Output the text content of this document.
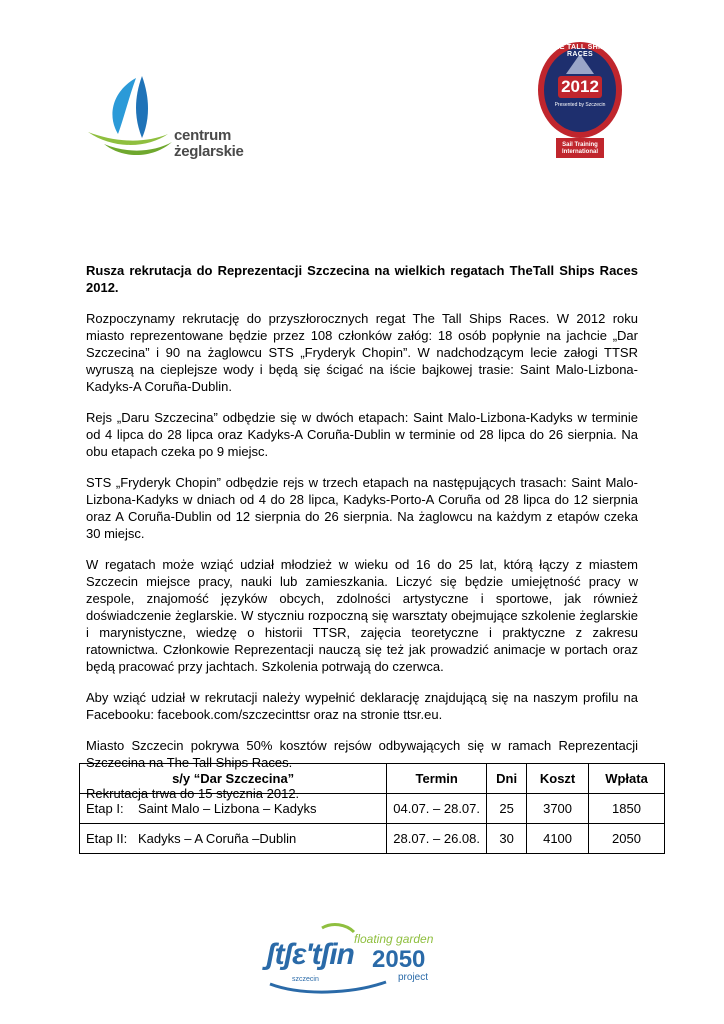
centrum
żeglarskie
THE TALL SHIPS RACES
2012
Presented by Szczecin
Sail Training
International
Rusza rekrutacja do Reprezentacji Szczecina na wielkich regatach TheTall Ships Races 2012.

Rozpoczynamy rekrutację do przyszłorocznych regat The Tall Ships Races. W 2012 roku miasto reprezentowane będzie przez 108 członków załóg: 18 osób popłynie na jachcie „Dar Szczecina” i 90 na żaglowcu STS „Fryderyk Chopin”. W nadchodzącym lecie załogi TTSR wyruszą na cieplejsze wody i będą się ścigać na iście bajkowej trasie: Saint Malo-Lizbona-Kadyks-A Coruña-Dublin.

Rejs „Daru Szczecina” odbędzie się w dwóch etapach: Saint Malo-Lizbona-Kadyks w terminie od 4 lipca do 28 lipca oraz Kadyks-A Coruña-Dublin w terminie od 28 lipca do 26 sierpnia. Na obu etapach czeka po 9 miejsc.

STS „Fryderyk Chopin” odbędzie rejs w trzech etapach na następujących trasach: Saint Malo-Lizbona-Kadyks w dniach od 4 do 28 lipca, Kadyks-Porto-A Coruña od 28 lipca do 12 sierpnia oraz A Coruña-Dublin od 12 sierpnia do 26 sierpnia. Na żaglowcu na każdym z etapów czeka 30 miejsc.

W regatach może wziąć udział młodzież w wieku od 16 do 25 lat, którą łączy z miastem Szczecin miejsce pracy, nauki lub zamieszkania. Liczyć się będzie umiejętność pracy w zespole, znajomość języków obcych, zdolności artystyczne i sportowe, jak również doświadczenie żeglarskie. W styczniu rozpoczną się warsztaty obejmujące szkolenie żeglarskie i marynistyczne, wiedzę o historii TTSR, zajęcia teoretyczne i praktyczne z zakresu ratownictwa. Członkowie Reprezentacji nauczą się też jak prowadzić animacje w portach oraz będą pracować przy jachtach. Szkolenia potrwają do czerwca.

Aby wziąć udział w rekrutacji należy wypełnić deklarację znajdującą się na naszym profilu na Facebooku: facebook.com/szczecinttsr oraz na stronie ttsr.eu.

Miasto Szczecin pokrywa 50% kosztów rejsów odbywających się w ramach Reprezentacji Szczecina na The Tall Ships Races.

Rekrutacja trwa do 15 stycznia 2012.

s/y “Dar Szczecina”	Termin	Dni	Koszt	Wpłata
Etap I: Saint Malo – Lizbona – Kadyks	04.07. – 28.07.	25	3700	1850
Etap II: Kadyks – A Coruña –Dublin	28.07. – 26.08.	30	4100	2050
floating garden
ʃtʃɛ'tʃin 2050
szczecin	project
